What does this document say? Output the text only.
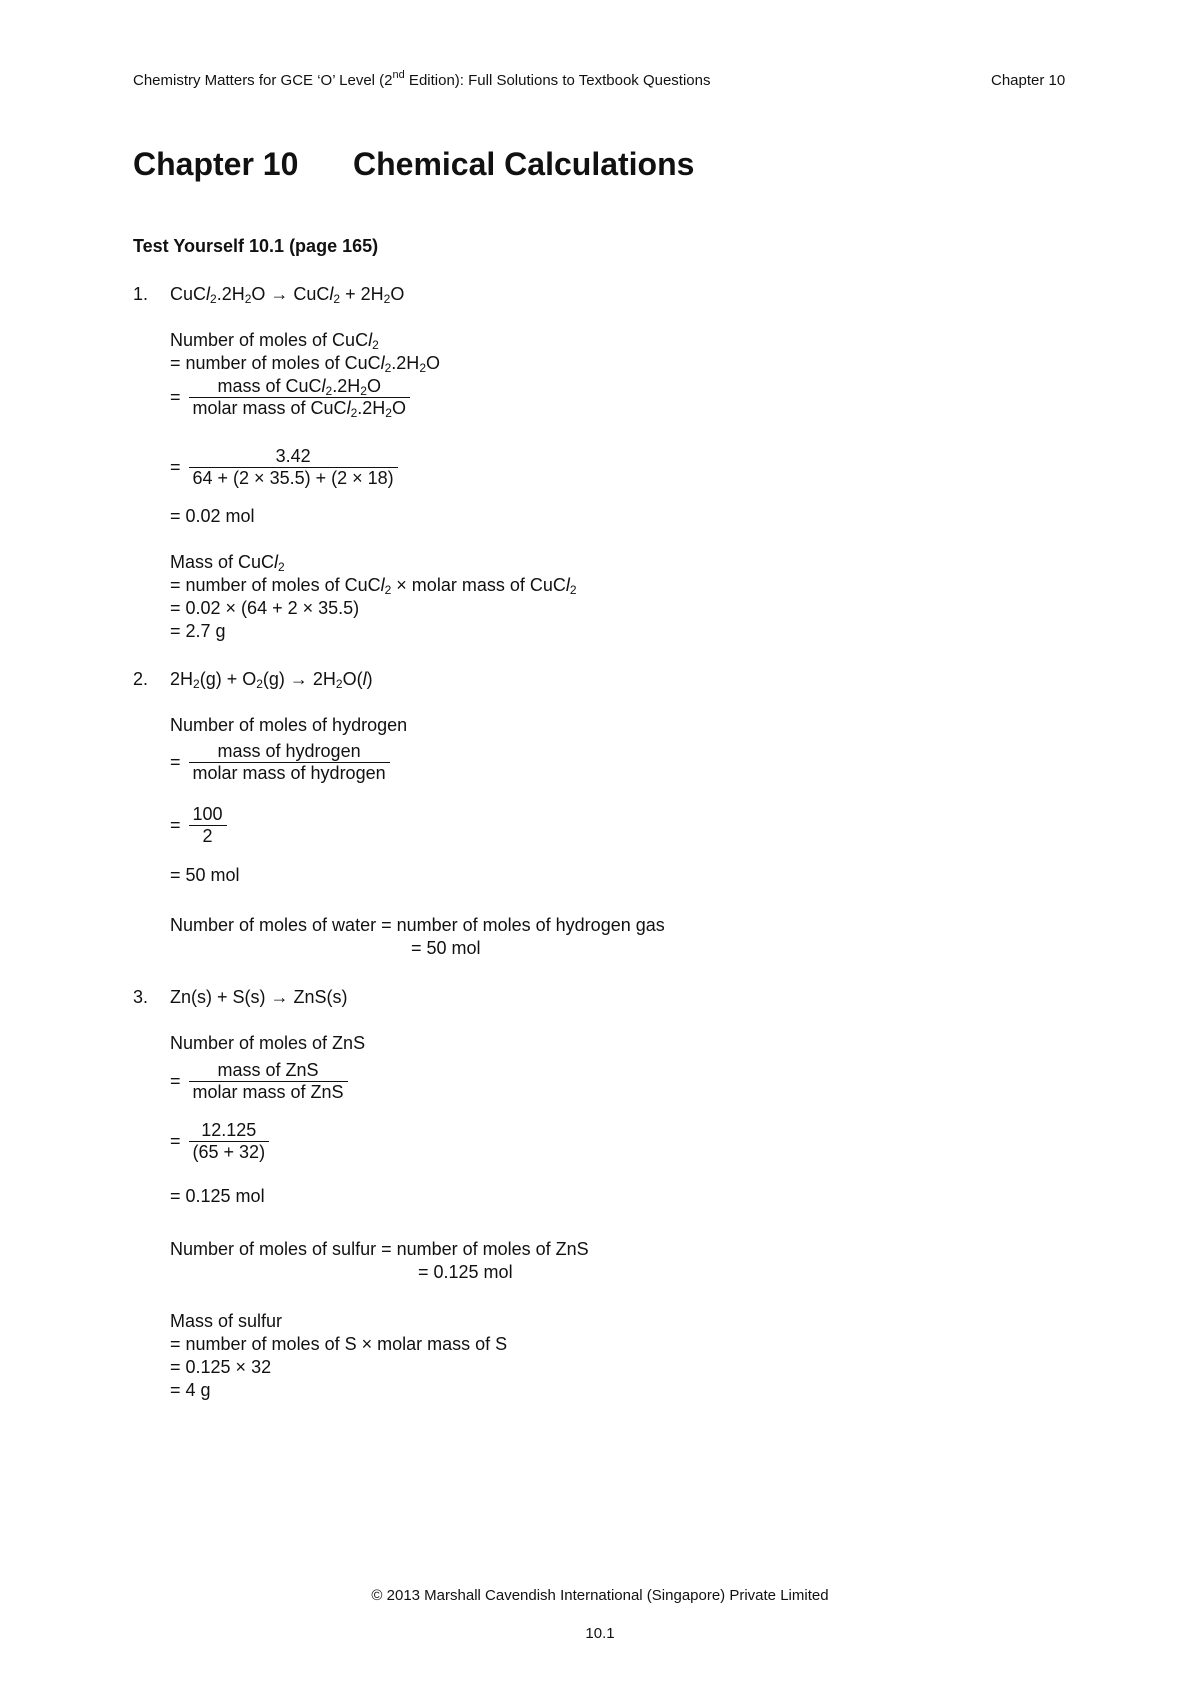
Chemistry Matters for GCE ‘O’ Level (2nd Edition): Full Solutions to Textbook Questions	Chapter 10
Chapter 10 Chemical Calculations
Test Yourself 10.1 (page 165)
1. $CuCl_2.2H_2O$ → CuCl$_2$ + $2H_2O$
Number of moles of CuCl$_2$
= number of moles of $CuCl_2.2H_2O$
= $\frac{mass of CuCl_2.2H_2O}{molar mass of CuCl_2.2H_2O}$
= $\frac{3.42}{64 + (2 \times 35.5) + (2 \times 18)}$
= 0.02 mol
Mass of CuCl$_2$
= number of moles of CuCl$_2$ × molar mass of CuCl$_2$
= 0.02 × (64 + 2 × 35.5)
= 2.7 g
2. $2H_2(g) + O_2(g) \to 2H_2O(l)$
Number of moles of hydrogen
= $\frac{\text{mass of hydrogen}}{\text{molar mass of hydrogen}}$
= $\frac{100}{2}$
= 50 mol
Number of moles of water = number of moles of hydrogen gas
= 50 mol
3. Zn(s) + S(s) → ZnS(s)
Number of moles of ZnS
= $\frac{\text{mass of ZnS}}{\text{molar mass of ZnS}}$
= $\frac{12.125}{(65 + 32)}$
= 0.125 mol
Number of moles of sulfur = number of moles of ZnS
= 0.125 mol
Mass of sulfur
= number of moles of S × molar mass of S
= 0.125 × 32
= 4 g
© 2013 Marshall Cavendish International (Singapore) Private Limited
10.1
